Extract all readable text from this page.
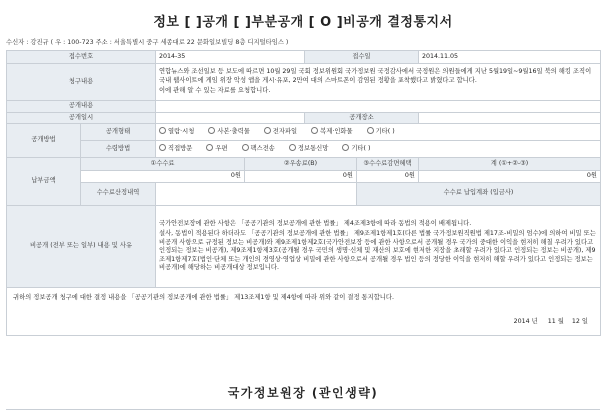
정보 [ ]공개 [ ]부분공개 [ O ]비공개 결정통지서
수신자 : 강진규 ( 우 : 100-723 주소 : 서울특별시 중구 세종대로 22 문화일보빌딩 8층 디지털타임스 )
접수번호		2014-35		접수일		2014.11.05	
청구내용		연합뉴스와 조선일보 등 보도에 따르면 10월 29일 국회 정보위원회 국가정보원 국정감사에서 국정원은 의원들에게 지난 5월19일~9월16일 북의 해킹 조직이 국내 웹사이트에 게임 위장 악성 앱을 게시·유포, 2만여 대의 스마트폰이 감염된 정황을 포착했다고 밝혔다고 합니다.
이에 관해 알 수 있는 자료를 요청합니다.					

공개내용							
공개일시				공개장소			
공개방법	공개형태	열람·시청 사본·출력물 전자파일 복제·인화물 기타( )					
	수령방법	직접방문 우편 팩스전송 정보통신망 기타( )					
납부금액	①수수료		②우송료(B)		③수수료감면혜택	계 (①+②-③)	
	0원		0원		0원	0원	
	수수료산정내역				수수료 납입계좌 (입금사)		
비공개 (전부 또는 일부) 내용 및 사유		국가안전보장에 관한 사항은 「공공기관의 정보공개에 관한 법률」 제4조제3항에 따라 동법의 적용이 배제됩니다.
설사, 동법이 적용된다 하더라도 「공공기관의 정보공개에 관한 법률」 제9조제1항제1호(다른 법률 국가정보원직원법 제17조-비밀의 엄수)에 의하여 비밀 또는 비공개 사항으로 규정된 정보는 비공개)와 제9조제1항제2호(국가안전보장 등에 관한 사항으로서 공개될 경우 국가의 중대한 이익을 현저히 해칠 우려가 있다고 인정되는 정보는 비공개), 제9조제1항제3호(공개될 경우 국민의 생명·신체 및 재산의 보호에 현저한 지장을 초래할 우려가 있다고 인정되는 정보는 비공개), 제9조제1항제7호(법인·단체 또는 개인의 경영상·영업상 비밀에 관한 사항으로서 공개될 경우 법인 등의 정당한 이익을 현저히 해할 우려가 있다고 인정되는 정보는 비공개)에 해당하는 비공개대상 정보입니다.					

귀하의 정보공개 청구에 대한 결정 내용을 「공공기관의 정보공개에 관한 법률」 제13조제1항 및 제4항에 따라 위와 같이 결정 통지합니다.
2014 년 11 월 12 일							
국가정보원장 (관인생략)
